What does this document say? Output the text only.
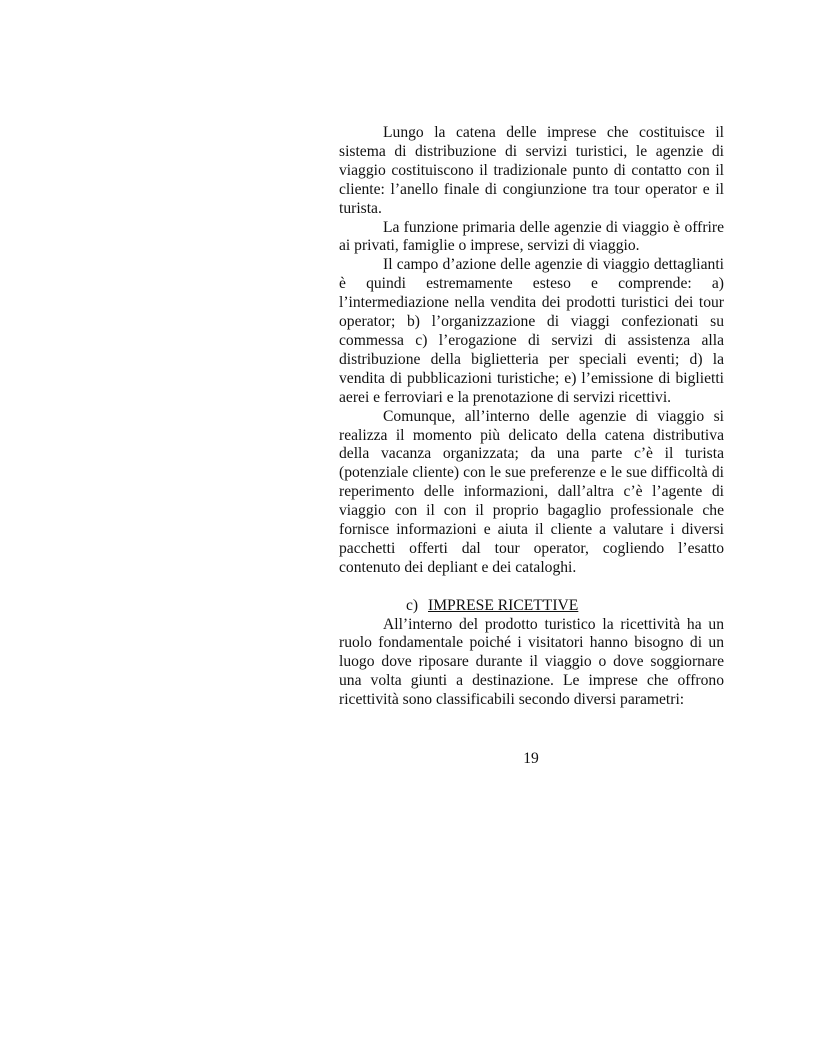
Lungo la catena delle imprese che costituisce il sistema di distribuzione di servizi turistici, le agenzie di viaggio costituiscono il tradizionale punto di contatto con il cliente: l’anello finale di congiunzione tra tour operator e il turista.

La funzione primaria delle agenzie di viaggio è offrire ai privati, famiglie o imprese, servizi di viaggio.

Il campo d’azione delle agenzie di viaggio dettaglianti è quindi estremamente esteso e comprende: a) l’intermediazione nella vendita dei prodotti turistici dei tour operator; b) l’organizzazione di viaggi confezionati su commessa c) l’erogazione di servizi di assistenza alla distribuzione della biglietteria per speciali eventi; d) la vendita di pubblicazioni turistiche; e) l’emissione di biglietti aerei e ferroviari e la prenotazione di servizi ricettivi.

Comunque, all’interno delle agenzie di viaggio si realizza il momento più delicato della catena distributiva della vacanza organizzata; da una parte c’è il turista (potenziale cliente) con le sue preferenze e le sue difficoltà di reperimento delle informazioni, dall’altra c’è l’agente di viaggio con il con il proprio bagaglio professionale che fornisce informazioni e aiuta il cliente a valutare i diversi pacchetti offerti dal tour operator, cogliendo l’esatto contenuto dei depliant e dei cataloghi.

c) IMPRESE RICETTIVE

All’interno del prodotto turistico la ricettività ha un ruolo fondamentale poiché i visitatori hanno bisogno di un luogo dove riposare durante il viaggio o dove soggiornare una volta giunti a destinazione. Le imprese che offrono ricettività sono classificabili secondo diversi parametri:

19
